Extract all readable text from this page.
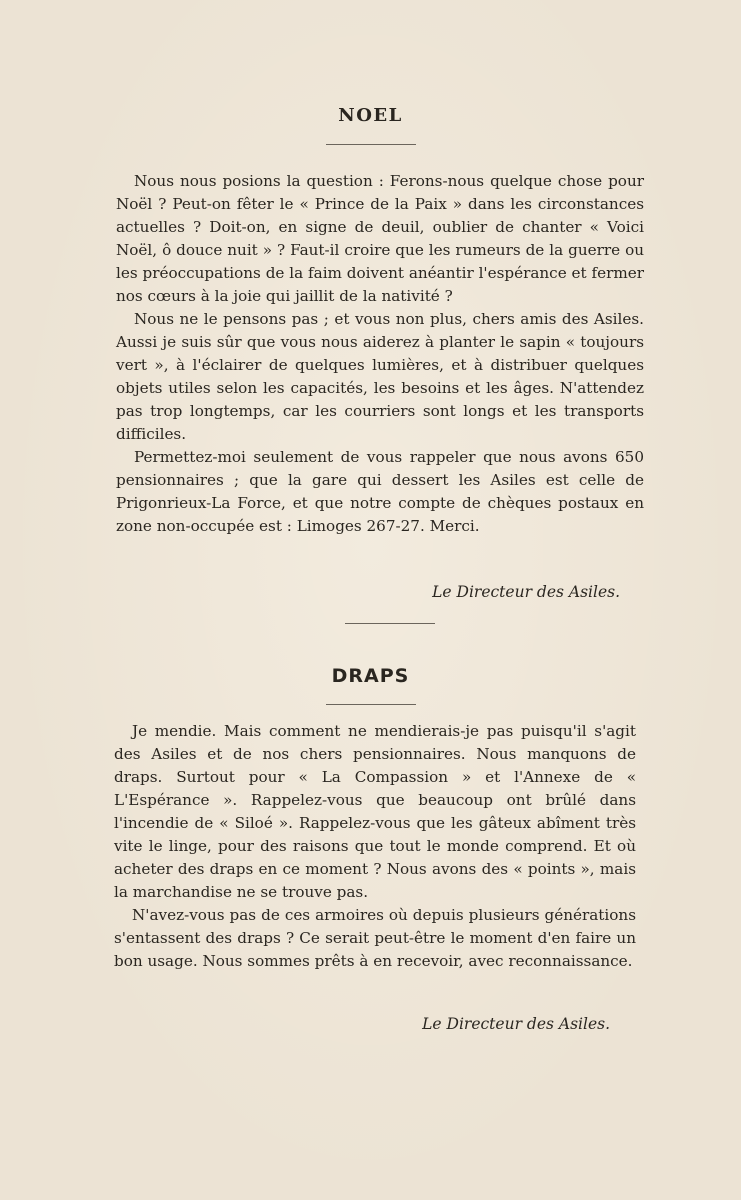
NOEL

Nous nous posions la question : Ferons-nous quelque chose pour Noël ? Peut-on fêter le « Prince de la Paix » dans les circonstances actuelles ? Doit-on, en signe de deuil, oublier de chanter « Voici Noël, ô douce nuit » ? Faut-il croire que les rumeurs de la guerre ou les préoccupations de la faim doivent anéantir l'espérance et fermer nos cœurs à la joie qui jaillit de la nativité ?

Nous ne le pensons pas ; et vous non plus, chers amis des Asiles. Aussi je suis sûr que vous nous aiderez à planter le sapin « toujours vert », à l'éclairer de quelques lumières, et à distribuer quelques objets utiles selon les capacités, les besoins et les âges. N'attendez pas trop longtemps, car les courriers sont longs et les transports difficiles.

Permettez-moi seulement de vous rappeler que nous avons 650 pensionnaires ; que la gare qui dessert les Asiles est celle de Prigonrieux-La Force, et que notre compte de chèques postaux en zone non-occupée est : Limoges 267-27. Merci.

Le Directeur des Asiles.

DRAPS

Je mendie. Mais comment ne mendierais-je pas puisqu'il s'agit des Asiles et de nos chers pensionnaires. Nous manquons de draps. Surtout pour « La Compassion » et l'Annexe de « L'Espérance ». Rappelez-vous que beaucoup ont brûlé dans l'incendie de « Siloé ». Rappelez-vous que les gâteux abîment très vite le linge, pour des raisons que tout le monde comprend. Et où acheter des draps en ce moment ? Nous avons des « points », mais la marchandise ne se trouve pas.

N'avez-vous pas de ces armoires où depuis plusieurs générations s'entassent des draps ? Ce serait peut-être le moment d'en faire un bon usage. Nous sommes prêts à en recevoir, avec reconnaissance.

Le Directeur des Asiles.
